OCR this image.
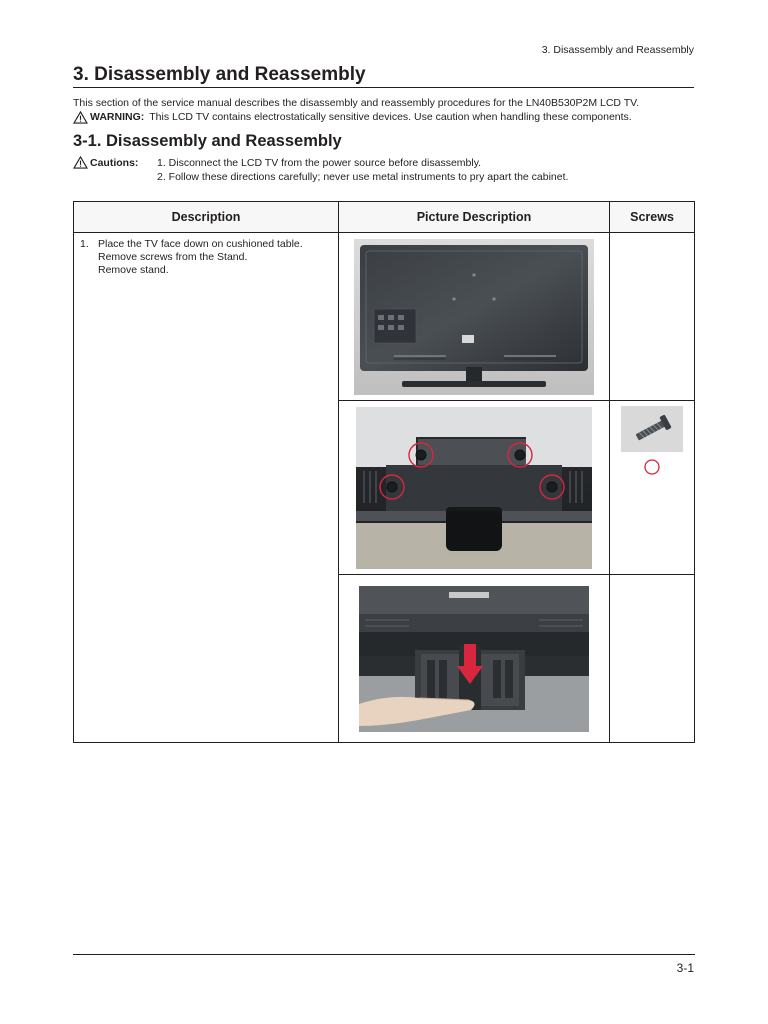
3. Disassembly and Reassembly
3. Disassembly and Reassembly
This section of the service manual describes the disassembly and reassembly procedures for the LN40B530P2M LCD TV.
WARNING: This LCD TV contains electrostatically sensitive devices. Use caution when handling these components.
3-1. Disassembly and Reassembly
Cautions: 1. Disconnect the LCD TV from the power source before disassembly.
2. Follow these directions carefully; never use metal instruments to pry apart the cabinet.
Description	Picture Description	Screws

1. Place the TV face down on cushioned table.
Remove screws from the Stand.
Remove stand.

3-1
